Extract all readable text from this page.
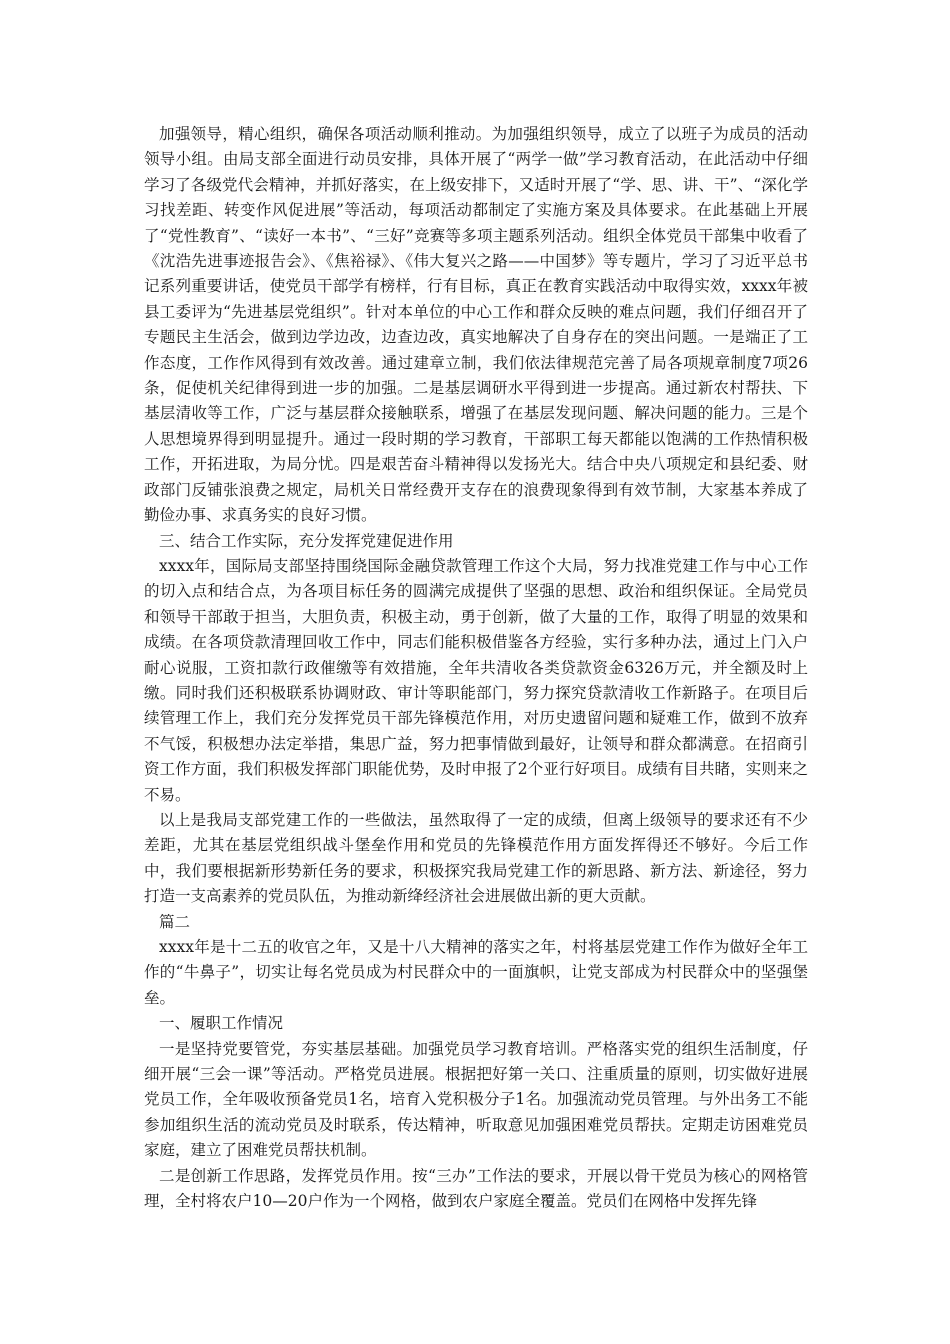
加强领导，精心组织，确保各项活动顺利推动。为加强组织领导，成立了以班子为成员的活动领导小组。由局支部全面进行动员安排，具体开展了“两学一做”学习教育活动，在此活动中仔细学习了各级党代会精神，并抓好落实，在上级安排下，又适时开展了“学、思、讲、干”、“深化学习找差距、转变作风促进展”等活动，每项活动都制定了实施方案及具体要求。在此基础上开展了“党性教育”、“读好一本书”、“三好”竞赛等多项主题系列活动。组织全体党员干部集中收看了《沈浩先进事迹报告会》、《焦裕禄》、《伟大复兴之路——中国梦》等专题片，学习了习近平总书记系列重要讲话，使党员干部学有榜样，行有目标，真正在教育实践活动中取得实效，xxxx年被县工委评为“先进基层党组织”。针对本单位的中心工作和群众反映的难点问题，我们仔细召开了专题民主生活会，做到边学边改，边查边改，真实地解决了自身存在的突出问题。一是端正了工作态度，工作作风得到有效改善。通过建章立制，我们依法律规范完善了局各项规章制度7项26条，促使机关纪律得到进一步的加强。二是基层调研水平得到进一步提高。通过新农村帮扶、下基层清收等工作，广泛与基层群众接触联系，增强了在基层发现问题、解决问题的能力。三是个人思想境界得到明显提升。通过一段时期的学习教育，干部职工每天都能以饱满的工作热情积极工作，开拓进取，为局分忧。四是艰苦奋斗精神得以发扬光大。结合中央八项规定和县纪委、财政部门反铺张浪费之规定，局机关日常经费开支存在的浪费现象得到有效节制，大家基本养成了勤俭办事、求真务实的良好习惯。

三、结合工作实际，充分发挥党建促进作用

xxxx年，国际局支部坚持围绕国际金融贷款管理工作这个大局，努力找准党建工作与中心工作的切入点和结合点，为各项目标任务的圆满完成提供了坚强的思想、政治和组织保证。全局党员和领导干部敢于担当，大胆负责，积极主动，勇于创新，做了大量的工作，取得了明显的效果和成绩。在各项贷款清理回收工作中，同志们能积极借鉴各方经验，实行多种办法，通过上门入户耐心说服，工资扣款行政催缴等有效措施，全年共清收各类贷款资金6326万元，并全额及时上缴。同时我们还积极联系协调财政、审计等职能部门，努力探究贷款清收工作新路子。在项目后续管理工作上，我们充分发挥党员干部先锋模范作用，对历史遗留问题和疑难工作，做到不放弃不气馁，积极想办法定举措，集思广益，努力把事情做到最好，让领导和群众都满意。在招商引资工作方面，我们积极发挥部门职能优势，及时申报了2个亚行好项目。成绩有目共睹，实则来之不易。

以上是我局支部党建工作的一些做法，虽然取得了一定的成绩，但离上级领导的要求还有不少差距，尤其在基层党组织战斗堡垒作用和党员的先锋模范作用方面发挥得还不够好。今后工作中，我们要根据新形势新任务的要求，积极探究我局党建工作的新思路、新方法、新途径，努力打造一支高素养的党员队伍，为推动新绛经济社会进展做出新的更大贡献。

篇二

xxxx年是十二五的收官之年，又是十八大精神的落实之年，村将基层党建工作作为做好全年工作的“牛鼻子”，切实让每名党员成为村民群众中的一面旗帜，让党支部成为村民群众中的坚强堡垒。

一、履职工作情况

一是坚持党要管党，夯实基层基础。加强党员学习教育培训。严格落实党的组织生活制度，仔细开展“三会一课”等活动。严格党员进展。根据把好第一关口、注重质量的原则，切实做好进展党员工作，全年吸收预备党员1名，培育入党积极分子1名。加强流动党员管理。与外出务工不能参加组织生活的流动党员及时联系，传达精神，听取意见加强困难党员帮扶。定期走访困难党员家庭，建立了困难党员帮扶机制。

二是创新工作思路，发挥党员作用。按“三办”工作法的要求，开展以骨干党员为核心的网格管理，全村将农户10—20户作为一个网格，做到农户家庭全覆盖。党员们在网格中发挥先锋
